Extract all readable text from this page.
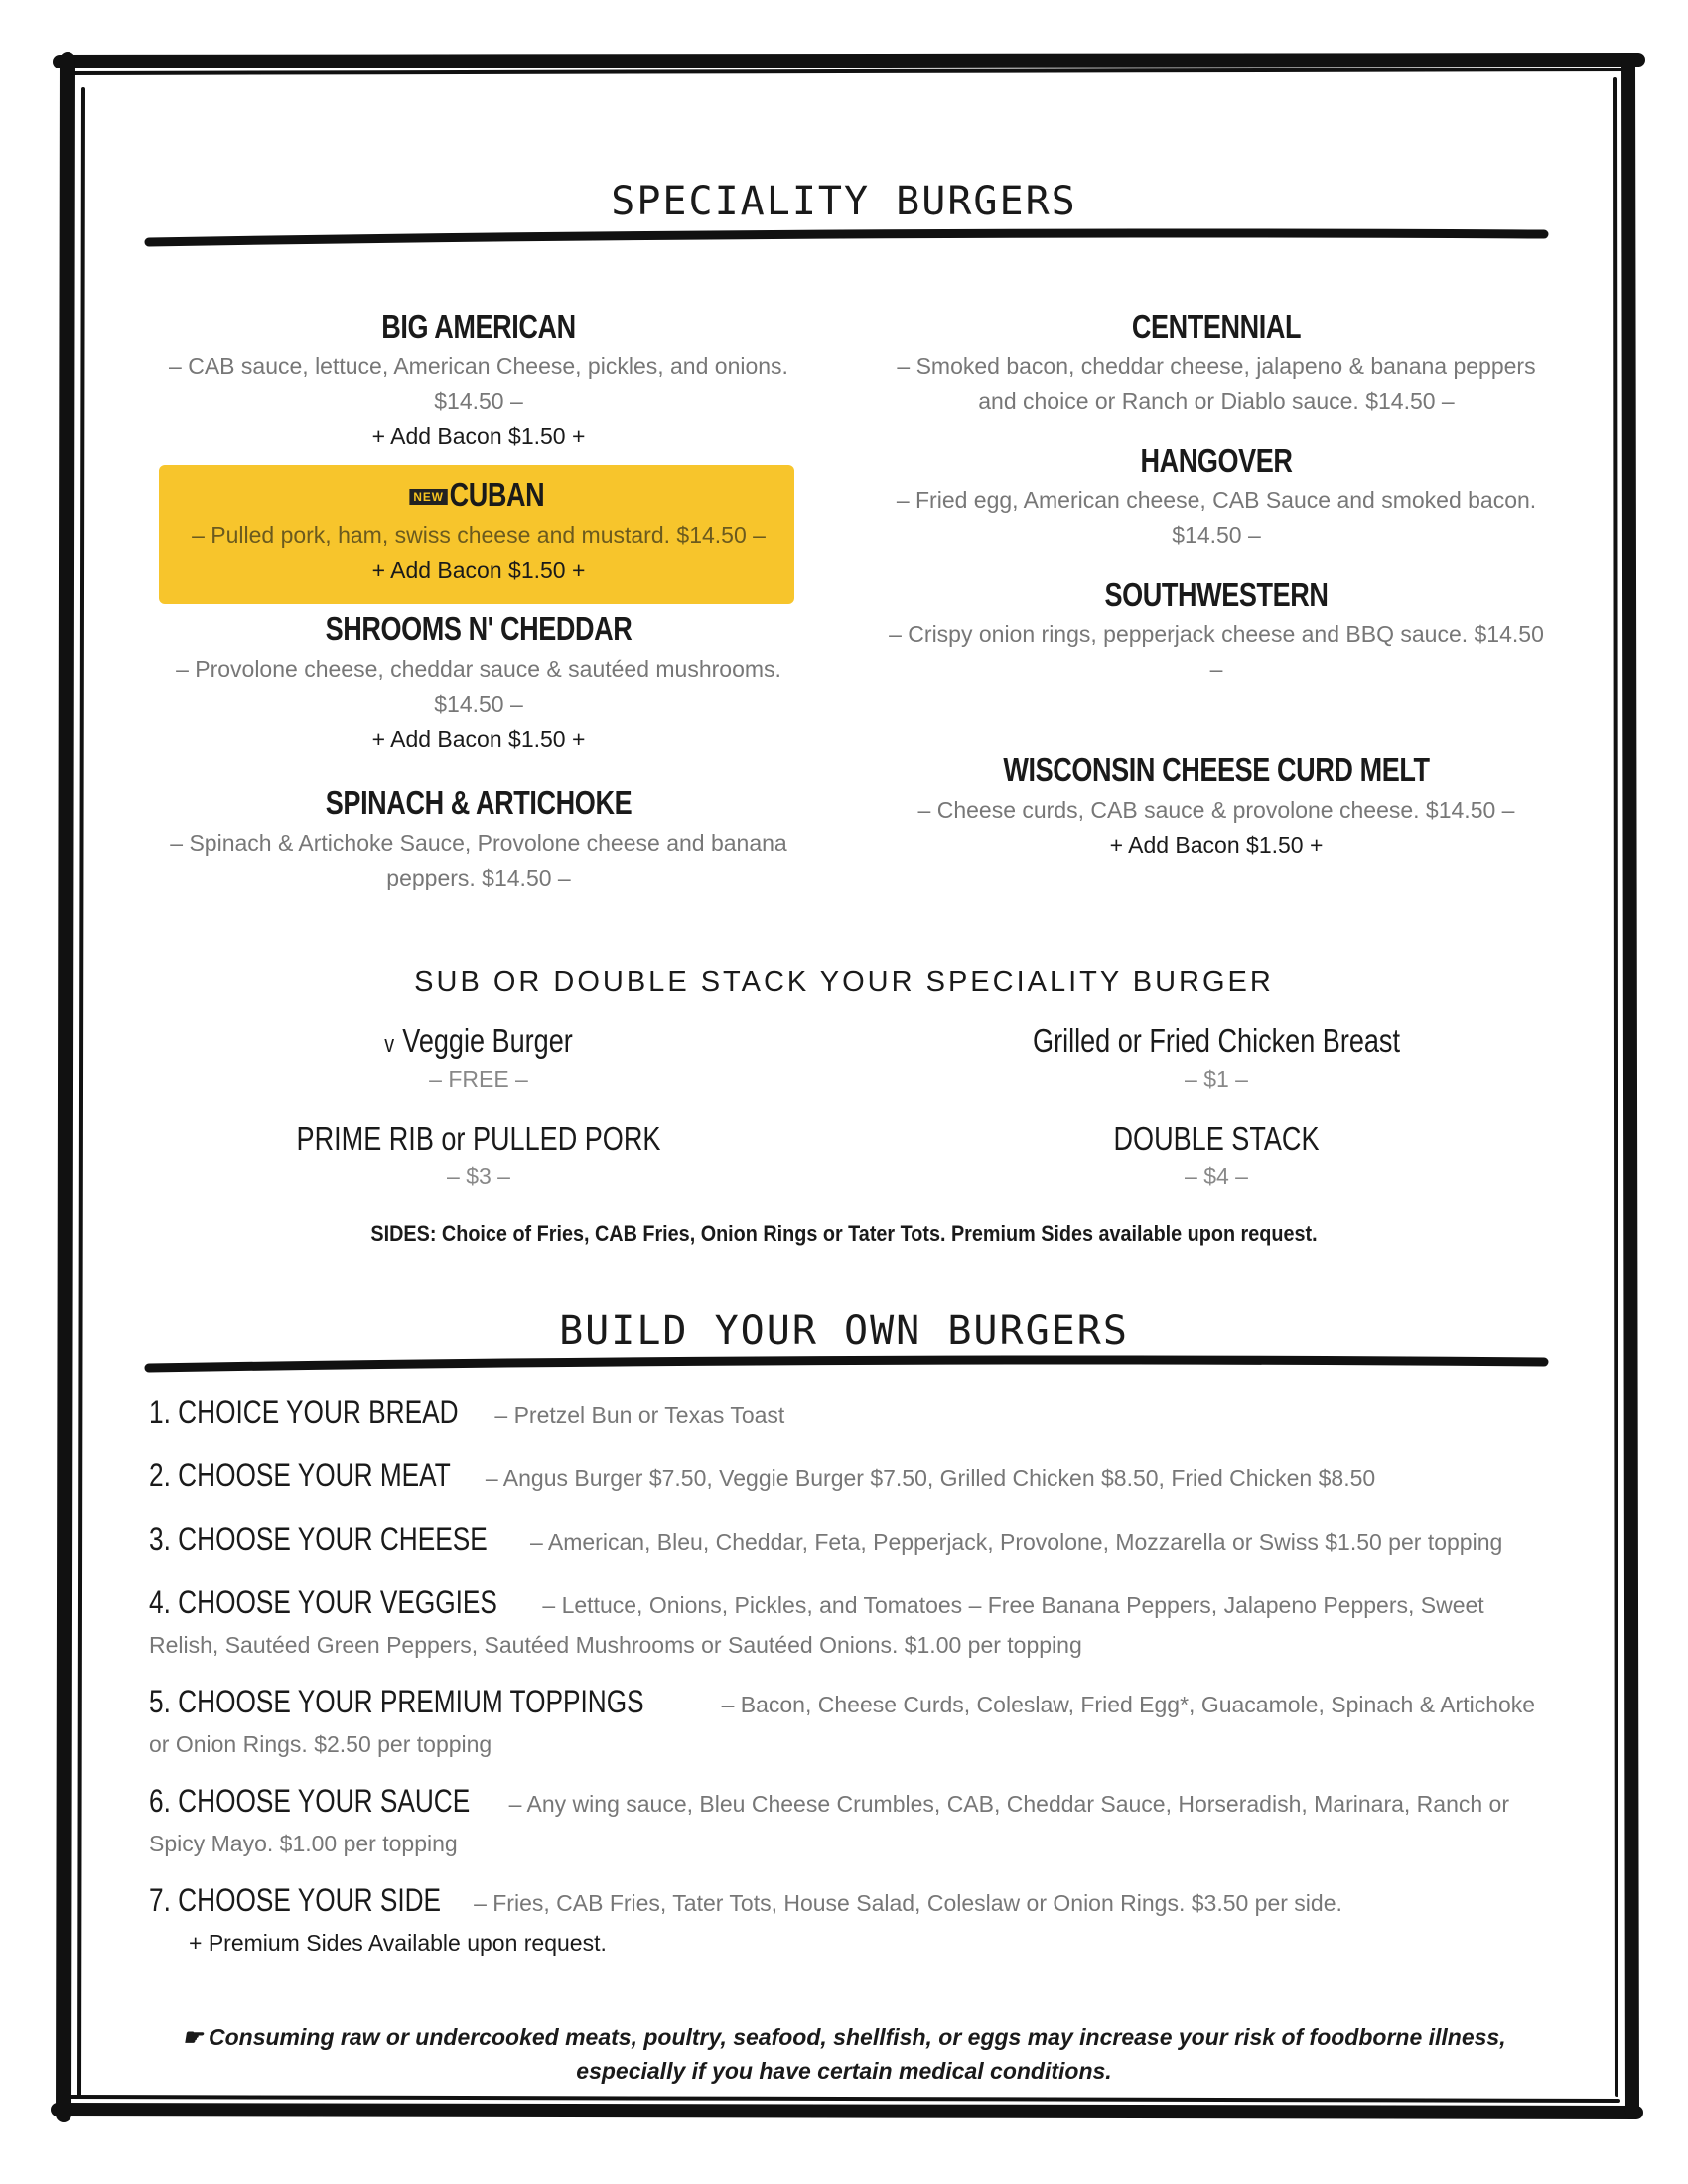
SPECIALITY BURGERS
BIG AMERICAN
– CAB sauce, lettuce, American Cheese, pickles, and onions. $14.50 –
+ Add Bacon $1.50 +
NEW CUBAN
– Pulled pork, ham, swiss cheese and mustard. $14.50 –
+ Add Bacon $1.50 +
SHROOMS N' CHEDDAR
– Provolone cheese, cheddar sauce & sautéed mushrooms. $14.50 –
+ Add Bacon $1.50 +
SPINACH & ARTICHOKE
– Spinach & Artichoke Sauce, Provolone cheese and banana peppers. $14.50 –
CENTENNIAL
– Smoked bacon, cheddar cheese, jalapeno & banana peppers and choice or Ranch or Diablo sauce. $14.50 –
HANGOVER
– Fried egg, American cheese, CAB Sauce and smoked bacon. $14.50 –
SOUTHWESTERN
– Crispy onion rings, pepperjack cheese and BBQ sauce. $14.50 –
WISCONSIN CHEESE CURD MELT
– Cheese curds, CAB sauce & provolone cheese. $14.50 –
+ Add Bacon $1.50 +
SUB OR DOUBLE STACK YOUR SPECIALITY BURGER
v Veggie Burger
– FREE –
Grilled or Fried Chicken Breast
– $1 –
PRIME RIB or PULLED PORK
– $3 –
DOUBLE STACK
– $4 –
SIDES: Choice of Fries, CAB Fries, Onion Rings or Tater Tots. Premium Sides available upon request.
BUILD YOUR OWN BURGERS
1. CHOICE YOUR BREAD – Pretzel Bun or Texas Toast
2. CHOOSE YOUR MEAT – Angus Burger $7.50, Veggie Burger $7.50, Grilled Chicken $8.50, Fried Chicken $8.50
3. CHOOSE YOUR CHEESE – American, Bleu, Cheddar, Feta, Pepperjack, Provolone, Mozzarella or Swiss $1.50 per topping
4. CHOOSE YOUR VEGGIES – Lettuce, Onions, Pickles, and Tomatoes – Free Banana Peppers, Jalapeno Peppers, Sweet Relish, Sautéed Green Peppers, Sautéed Mushrooms or Sautéed Onions. $1.00 per topping
5. CHOOSE YOUR PREMIUM TOPPINGS	– Bacon, Cheese Curds, Coleslaw, Fried Egg*, Guacamole, Spinach & Artichoke or Onion Rings. $2.50 per topping
6. CHOOSE YOUR SAUCE – Any wing sauce, Bleu Cheese Crumbles, CAB, Cheddar Sauce, Horseradish, Marinara, Ranch or Spicy Mayo. $1.00 per topping
7. CHOOSE YOUR SIDE – Fries, CAB Fries, Tater Tots, House Salad, Coleslaw or Onion Rings. $3.50 per side.
+ Premium Sides Available upon request.
☛ Consuming raw or undercooked meats, poultry, seafood, shellfish, or eggs may increase your risk of foodborne illness, especially if you have certain medical conditions.
